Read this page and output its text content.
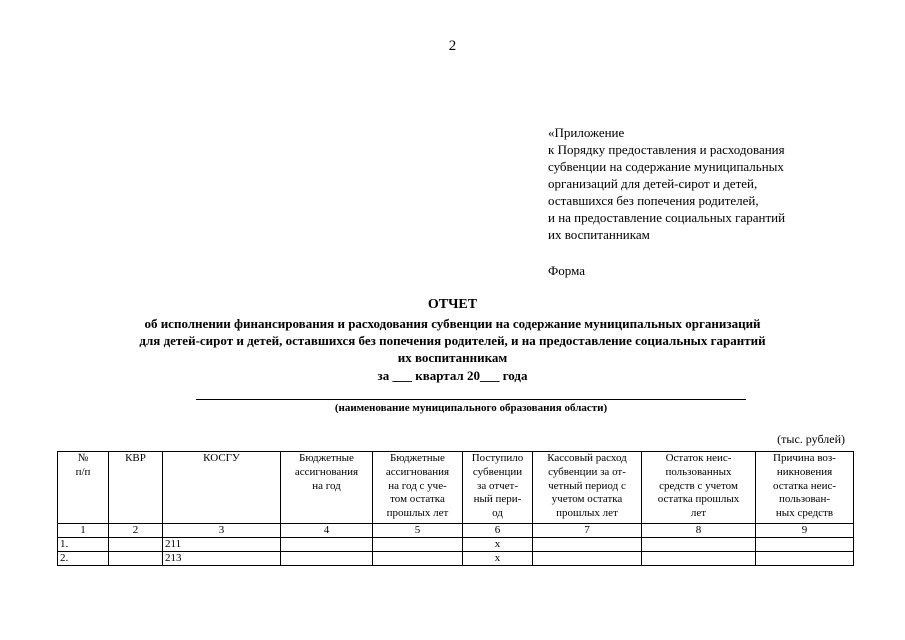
2
«Приложение
к Порядку предоставления и расходования
субвенции на содержание муниципальных
организаций для детей-сирот и детей,
оставшихся без попечения родителей,
и на предоставление социальных гарантий
их воспитанникам
Форма
ОТЧЕТ
об исполнении финансирования и расходования субвенции на содержание муниципальных организаций
для детей-сирот и детей, оставшихся без попечения родителей, и на предоставление социальных гарантий
их воспитанникам
за ___ квартал 20___ года
(наименование муниципального образования области)
(тыс. рублей)
№
п/п	КВР	КОСГУ	Бюджетные
ассигнования
на год	Бюджетные
ассигнования
на год с уче-
том остатка
прошлых лет	Поступило
субвенции
за отчет-
ный пери-
од	Кассовый расход
субвенции за от-
четный период с
учетом остатка
прошлых лет	Остаток неис-
пользованных
средств с учетом
остатка прошлых
лет	Причина воз-
никновения
остатка неис-
пользован-
ных средств
1	2	3	4	5	6	7	8	9
1.		211			х			
2.		213			х			
